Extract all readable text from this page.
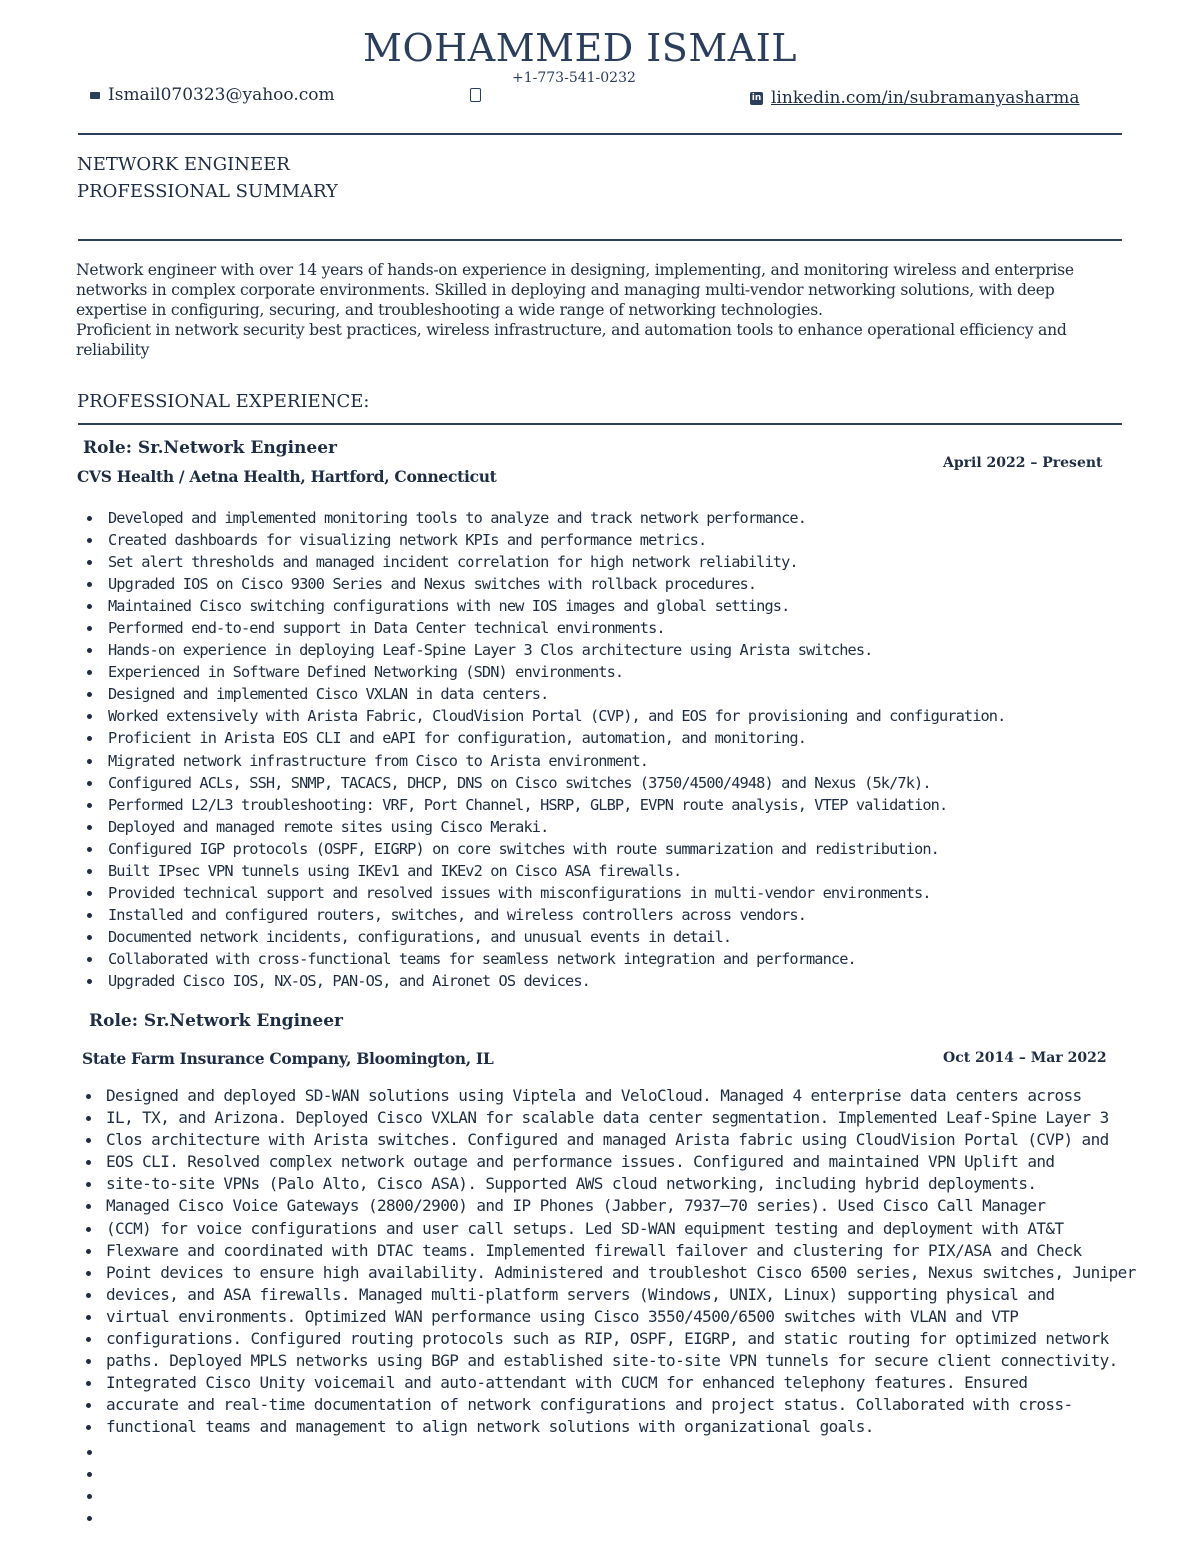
MOHAMMED ISMAIL
+1-773-541-0232
Ismail070323@yahoo.com	in linkedin.com/in/subramanyasharma
NETWORK ENGINEER
PROFESSIONAL SUMMARY

Network engineer with over 14 years of hands-on experience in designing, implementing, and monitoring wireless and enterprise networks in complex corporate environments. Skilled in deploying and managing multi-vendor networking solutions, with deep expertise in configuring, securing, and troubleshooting a wide range of networking technologies.

Proficient in network security best practices, wireless infrastructure, and automation tools to enhance operational efficiency and reliability

PROFESSIONAL EXPERIENCE:
Role: Sr.Network Engineer
CVS Health / Aetna Health, Hartford, Connecticut
April 2022 – Present
Developed and implemented monitoring tools to analyze and track network performance.
Created dashboards for visualizing network KPIs and performance metrics.
Set alert thresholds and managed incident correlation for high network reliability.
Upgraded IOS on Cisco 9300 Series and Nexus switches with rollback procedures.
Maintained Cisco switching configurations with new IOS images and global settings.
Performed end-to-end support in Data Center technical environments.
Hands-on experience in deploying Leaf-Spine Layer 3 Clos architecture using Arista switches.
Experienced in Software Defined Networking (SDN) environments.
Designed and implemented Cisco VXLAN in data centers.
Worked extensively with Arista Fabric, CloudVision Portal (CVP), and EOS for provisioning and configuration.
Proficient in Arista EOS CLI and eAPI for configuration, automation, and monitoring.
Migrated network infrastructure from Cisco to Arista environment.
Configured ACLs, SSH, SNMP, TACACS, DHCP, DNS on Cisco switches (3750/4500/4948) and Nexus (5k/7k).
Performed L2/L3 troubleshooting: VRF, Port Channel, HSRP, GLBP, EVPN route analysis, VTEP validation.
Deployed and managed remote sites using Cisco Meraki.
Configured IGP protocols (OSPF, EIGRP) on core switches with route summarization and redistribution.
Built IPsec VPN tunnels using IKEv1 and IKEv2 on Cisco ASA firewalls.
Provided technical support and resolved issues with misconfigurations in multi-vendor environments.
Installed and configured routers, switches, and wireless controllers across vendors.
Documented network incidents, configurations, and unusual events in detail.
Collaborated with cross-functional teams for seamless network integration and performance.
Upgraded Cisco IOS, NX-OS, PAN-OS, and Aironet OS devices.
Role: Sr.Network Engineer
State Farm Insurance Company, Bloomington, IL	Oct 2014 – Mar 2022
Designed and deployed SD-WAN solutions using Viptela and VeloCloud. Managed 4 enterprise data centers across
IL, TX, and Arizona. Deployed Cisco VXLAN for scalable data center segmentation. Implemented Leaf-Spine Layer 3
Clos architecture with Arista switches. Configured and managed Arista fabric using CloudVision Portal (CVP) and
EOS CLI. Resolved complex network outage and performance issues. Configured and maintained VPN Uplift and
site-to-site VPNs (Palo Alto, Cisco ASA). Supported AWS cloud networking, including hybrid deployments.
Managed Cisco Voice Gateways (2800/2900) and IP Phones (Jabber, 7937–70 series). Used Cisco Call Manager
(CCM) for voice configurations and user call setups. Led SD-WAN equipment testing and deployment with AT&T
Flexware and coordinated with DTAC teams. Implemented firewall failover and clustering for PIX/ASA and Check
Point devices to ensure high availability. Administered and troubleshot Cisco 6500 series, Nexus switches, Juniper
devices, and ASA firewalls. Managed multi-platform servers (Windows, UNIX, Linux) supporting physical and
virtual environments. Optimized WAN performance using Cisco 3550/4500/6500 switches with VLAN and VTP
configurations. Configured routing protocols such as RIP, OSPF, EIGRP, and static routing for optimized network
paths. Deployed MPLS networks using BGP and established site-to-site VPN tunnels for secure client connectivity.
Integrated Cisco Unity voicemail and auto-attendant with CUCM for enhanced telephony features. Ensured
accurate and real-time documentation of network configurations and project status. Collaborated with cross-
functional teams and management to align network solutions with organizational goals.
